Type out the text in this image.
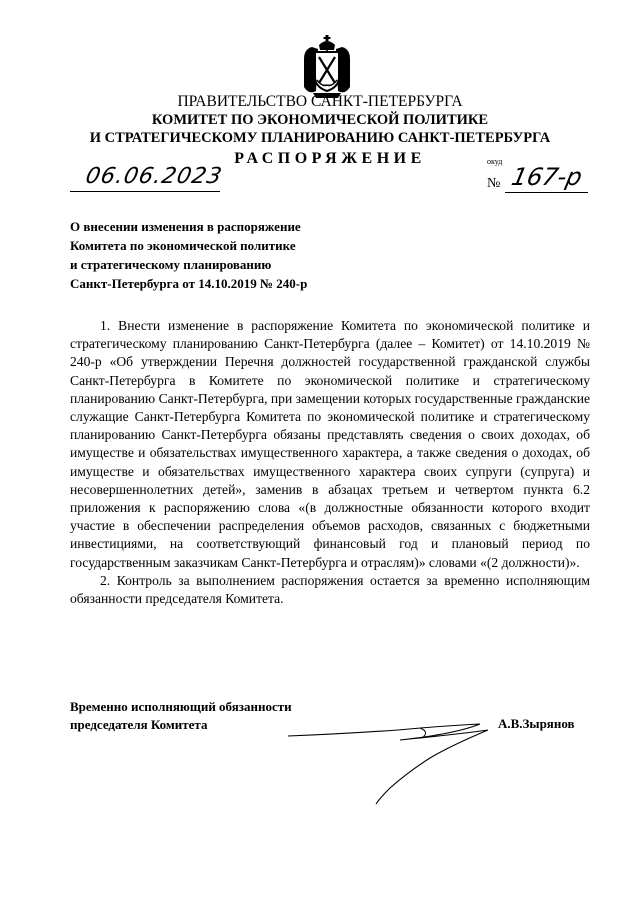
ПРАВИТЕЛЬСТВО САНКТ-ПЕТЕРБУРГА
КОМИТЕТ ПО ЭКОНОМИЧЕСКОЙ ПОЛИТИКЕ
И СТРАТЕГИЧЕСКОМУ ПЛАНИРОВАНИЮ САНКТ-ПЕТЕРБУРГА
РАСПОРЯЖЕНИЕ
06.06.2023
окуд
№ 167-р
О внесении изменения в распоряжение
Комитета по экономической политике
и стратегическому планированию
Санкт-Петербурга от 14.10.2019 № 240-р

1. Внести изменение в распоряжение Комитета по экономической политике и стратегическому планированию Санкт-Петербурга (далее – Комитет) от 14.10.2019 № 240-р «Об утверждении Перечня должностей государственной гражданской службы Санкт-Петербурга в Комитете по экономической политике и стратегическому планированию Санкт-Петербурга, при замещении которых государственные гражданские служащие Санкт-Петербурга Комитета по экономической политике и стратегическому планированию Санкт-Петербурга обязаны представлять сведения о своих доходах, об имуществе и обязательствах имущественного характера, а также сведения о доходах, об имуществе и обязательствах имущественного характера своих супруги (супруга) и несовершеннолетних детей», заменив в абзацах третьем и четвертом пункта 6.2 приложения к распоряжению слова «(в должностные обязанности которого входит участие в обеспечении распределения объемов расходов, связанных с бюджетными инвестициями, на соответствующий финансовый год и плановый период по государственным заказчикам Санкт-Петербурга и отраслям)» словами «(2 должности)».

2. Контроль за выполнением распоряжения остается за временно исполняющим обязанности председателя Комитета.

Временно исполняющий обязанности
председателя Комитета	А.В.Зырянов
